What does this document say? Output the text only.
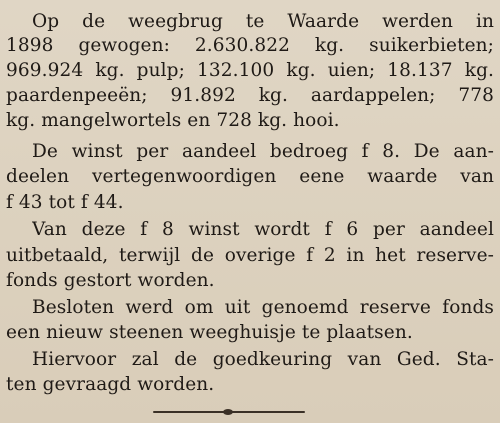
Op de weegbrug te Waarde werden in
1898 gewogen: 2.630.822 kg. suikerbieten;
969.924 kg. pulp; 132.100 kg. uien; 18.137 kg.
paardenpeeën; 91.892 kg. aardappelen; 778
kg. mangelwortels en 728 kg. hooi.
De winst per aandeel bedroeg f 8. De aan-
deelen vertegenwoordigen eene waarde van
f 43 tot f 44.
Van deze f 8 winst wordt f 6 per aandeel
uitbetaald, terwijl de overige f 2 in het reserve-
fonds gestort worden.
Besloten werd om uit genoemd reserve fonds
een nieuw steenen weeghuisje te plaatsen.
Hiervoor zal de goedkeuring van Ged. Sta-
ten gevraagd worden.
